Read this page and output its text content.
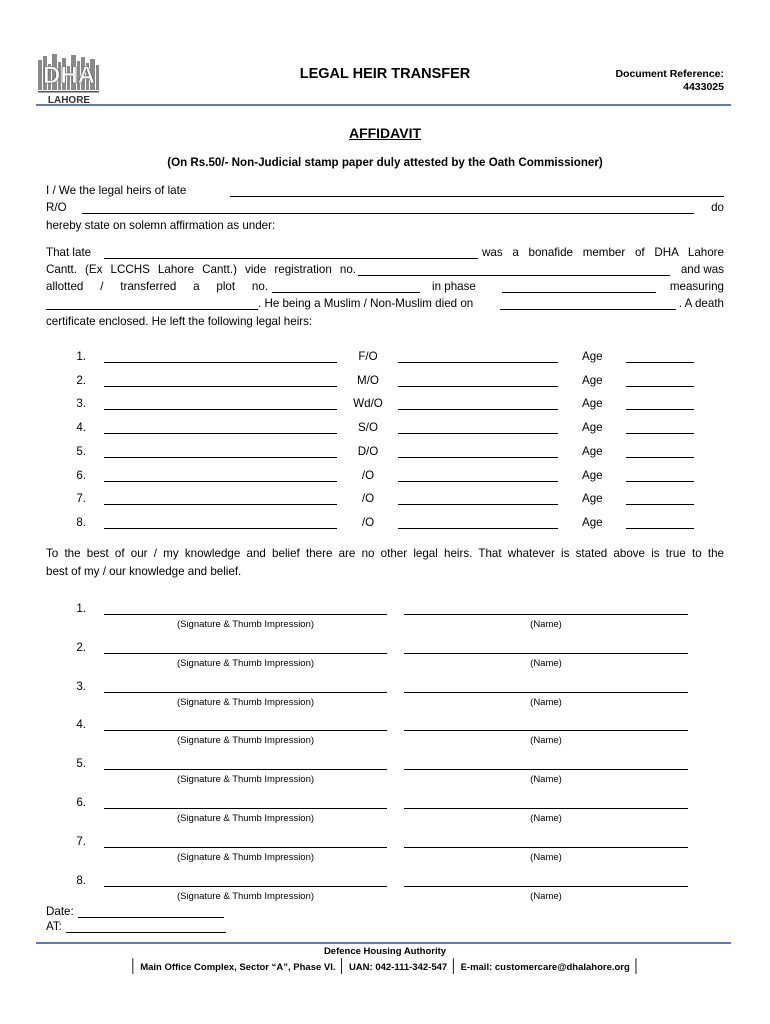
DHA
LAHORE
LEGAL HEIR TRANSFER	Document Reference:
4433025
AFFIDAVIT
(On Rs.50/- Non-Judicial stamp paper duly attested by the Oath Commissioner)
I / We the legal heirs of late
R/O	do
hereby state on solemn affirmation as under:
That late	was a bonafide member of DHA Lahore
Cantt. (Ex LCCHS Lahore Cantt.) vide registration no.	and was
allotted / transferred a plot no.	in phase	measuring
. He being a Muslim / Non-Muslim died on	. A death
certificate enclosed. He left the following legal heirs:
1.	F/O	Age
2.	M/O	Age
3.	Wd/O	Age
4.	S/O	Age
5.	D/O	Age
6.	/O	Age
7.	/O	Age
8.	/O	Age
To the best of our / my knowledge and belief there are no other legal heirs. That whatever is stated above is true to the
best of my / our knowledge and belief.
1.
(Signature & Thumb Impression)	(Name)
2.
(Signature & Thumb Impression)	(Name)
3.
(Signature & Thumb Impression)	(Name)
4.
(Signature & Thumb Impression)	(Name)
5.
(Signature & Thumb Impression)	(Name)
6.
(Signature & Thumb Impression)	(Name)
7.
(Signature & Thumb Impression)	(Name)
8.
(Signature & Thumb Impression)	(Name)
Date:
AT:
Defence Housing Authority
│ Main Office Complex, Sector “A”, Phase VI. │ UAN: 042-111-342-547 │ E-mail: customercare@dhalahore.org │
